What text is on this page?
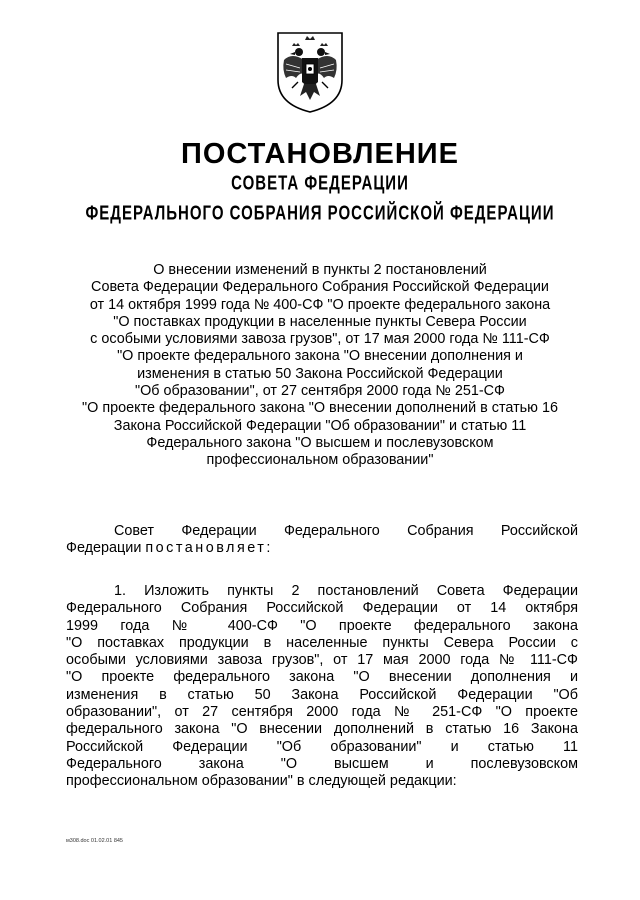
ПОСТАНОВЛЕНИЕ
СОВЕТА ФЕДЕРАЦИИ
ФЕДЕРАЛЬНОГО СОБРАНИЯ РОССИЙСКОЙ ФЕДЕРАЦИИ
О внесении изменений в пункты 2 постановлений
Совета Федерации Федерального Собрания Российской Федерации
от 14 октября 1999 года № 400-СФ "О проекте федерального закона
"О поставках продукции в населенные пункты Севера России
с особыми условиями завоза грузов", от 17 мая 2000 года № 111-СФ
"О проекте федерального закона "О внесении дополнения и
изменения в статью 50 Закона Российской Федерации
"Об образовании", от 27 сентября 2000 года № 251-СФ
"О проекте федерального закона "О внесении дополнений в статью 16
Закона Российской Федерации "Об образовании" и статью 11
Федерального закона "О высшем и послевузовском
профессиональном образовании"
Совет Федерации Федерального Собрания Российской
Федерации постановляет:
1. Изложить пункты 2 постановлений Совета Федерации
Федерального Собрания Российской Федерации от 14 октября
1999 года № 400-СФ "О проекте федерального закона
"О поставках продукции в населенные пункты Севера России с
особыми условиями завоза грузов", от 17 мая 2000 года № 111-СФ
"О проекте федерального закона "О внесении дополнения и
изменения в статью 50 Закона Российской Федерации "Об
образовании", от 27 сентября 2000 года № 251-СФ "О проекте
федерального закона "О внесении дополнений в статью 16 Закона
Российской Федерации "Об образовании" и статью 11
Федерального закона "О высшем и послевузовском
профессиональном образовании" в следующей редакции:
м308.doc 01.02.01 845
